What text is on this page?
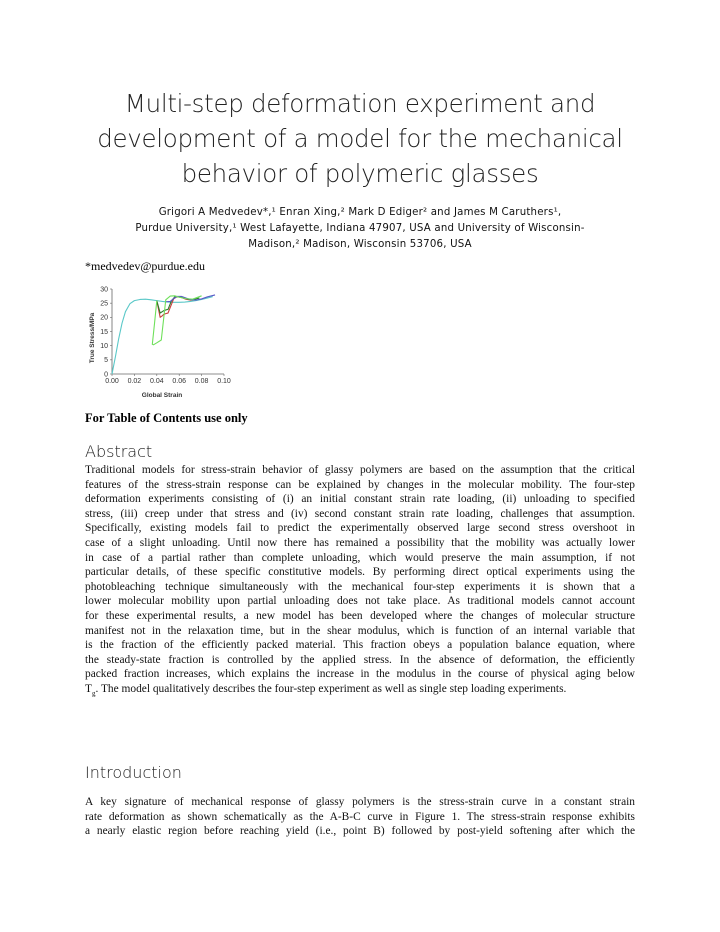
Multi-step deformation experiment and
development of a model for the mechanical
behavior of polymeric glasses
Grigori A Medvedev*,¹ Enran Xing,² Mark D Ediger² and James M Caruthers¹,
Purdue University,¹ West Lafayette, Indiana 47907, USA and University of Wisconsin-
Madison,² Madison, Wisconsin 53706, USA
*medvedev@purdue.edu
0
5
10
15
20
25
30
0.00 0.02 0.04 0.06 0.08 0.10
True Stress/MPa
Global Strain
For Table of Contents use only
Abstract
Traditional models for stress-strain behavior of glassy polymers are based on the assumption that the critical
features of the stress-strain response can be explained by changes in the molecular mobility. The four-step
deformation experiments consisting of (i) an initial constant strain rate loading, (ii) unloading to specified
stress, (iii) creep under that stress and (iv) second constant strain rate loading, challenges that assumption.
Specifically, existing models fail to predict the experimentally observed large second stress overshoot in
case of a slight unloading. Until now there has remained a possibility that the mobility was actually lower
in case of a partial rather than complete unloading, which would preserve the main assumption, if not
particular details, of these specific constitutive models. By performing direct optical experiments using the
photobleaching technique simultaneously with the mechanical four-step experiments it is shown that a
lower molecular mobility upon partial unloading does not take place. As traditional models cannot account
for these experimental results, a new model has been developed where the changes of molecular structure
manifest not in the relaxation time, but in the shear modulus, which is function of an internal variable that
is the fraction of the efficiently packed material. This fraction obeys a population balance equation, where
the steady-state fraction is controlled by the applied stress. In the absence of deformation, the efficiently
packed fraction increases, which explains the increase in the modulus in the course of physical aging below
$T_g$. The model qualitatively describes the four-step experiment as well as single step loading experiments.
Introduction
A key signature of mechanical response of glassy polymers is the stress-strain curve in a constant strain
rate deformation as shown schematically as the A-B-C curve in Figure 1. The stress-strain response exhibits
a nearly elastic region before reaching yield (i.e., point B) followed by post-yield softening after which the
